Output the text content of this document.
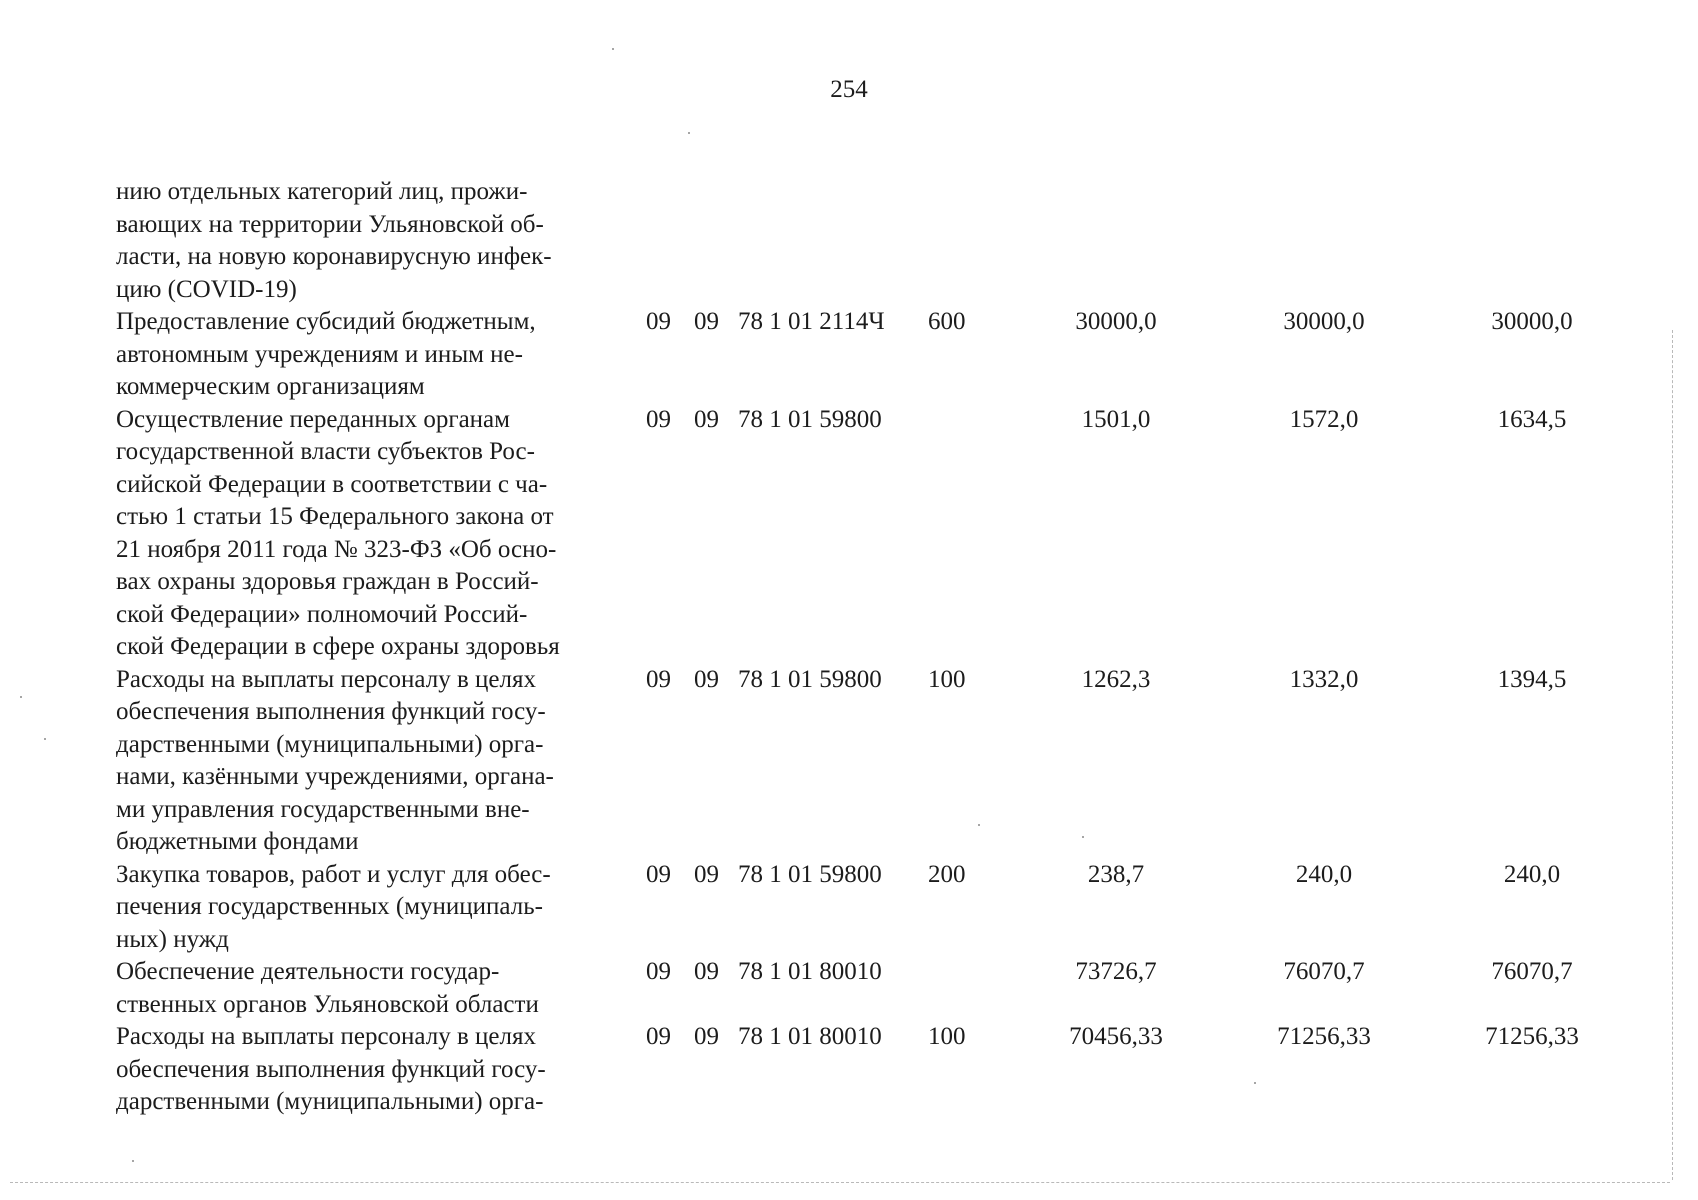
254
нию отдельных категорий лиц, прожи-
вающих на территории Ульяновской об-
ласти, на новую коронавирусную инфек-
цию (COVID-19)
Предоставление субсидий бюджетным,
автономным учреждениям и иным не-
коммерческим организациям
09 09 78 1 01 2114Ч 600	30000,0	30000,0	30000,0
Осуществление переданных органам
государственной власти субъектов Рос-
сийской Федерации в соответствии с ча-
стью 1 статьи 15 Федерального закона от
21 ноября 2011 года № 323-ФЗ «Об осно-
вах охраны здоровья граждан в Россий-
ской Федерации» полномочий Россий-
ской Федерации в сфере охраны здоровья
09 09 78 1 01 59800	1501,0	1572,0	1634,5
Расходы на выплаты персоналу в целях
обеспечения выполнения функций госу-
дарственными (муниципальными) орга-
нами, казёнными учреждениями, органа-
ми управления государственными вне-
бюджетными фондами
09 09 78 1 01 59800 100	1262,3	1332,0	1394,5
Закупка товаров, работ и услуг для обес-
печения государственных (муниципаль-
ных) нужд
09 09 78 1 01 59800 200	238,7	240,0	240,0
Обеспечение деятельности государ-
ственных органов Ульяновской области
09 09 78 1 01 80010	73726,7	76070,7	76070,7
Расходы на выплаты персоналу в целях
обеспечения выполнения функций госу-
дарственными (муниципальными) орга-
09 09 78 1 01 80010 100	70456,33	71256,33	71256,33
